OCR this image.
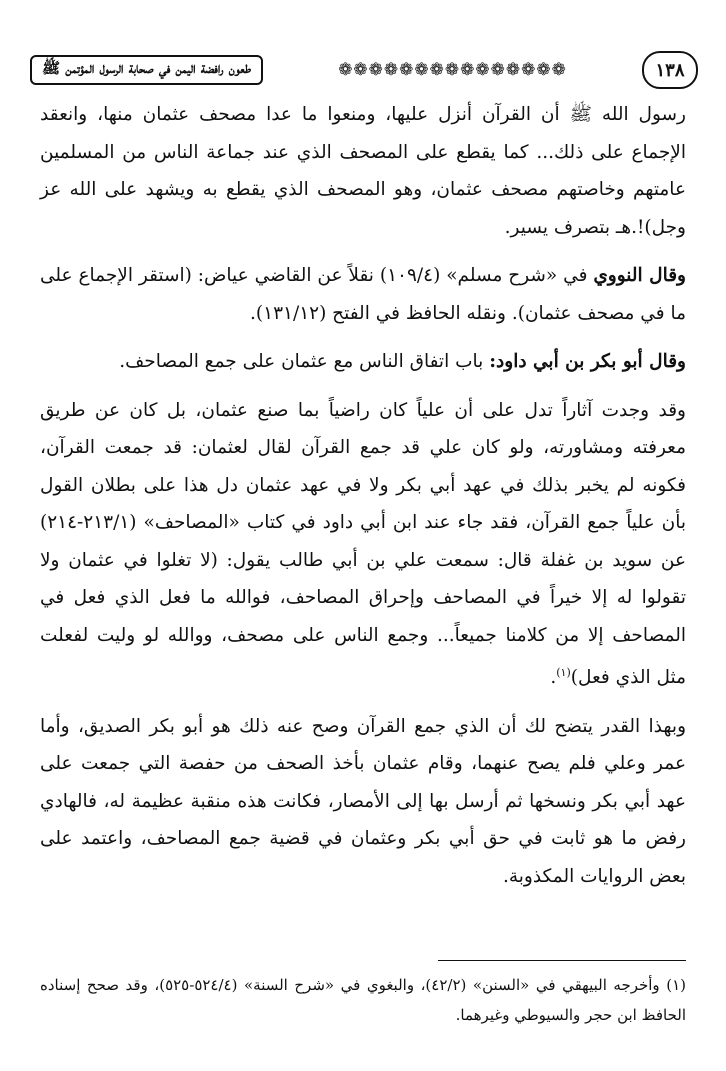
١٣٨
❁❁❁❁❁❁❁❁❁❁❁❁❁❁❁
طعون رافضة اليمن في صحابة الرسول المؤتمن ﷺ

رسول الله ﷺ أن القرآن أنزل عليها، ومنعوا ما عدا مصحف عثمان منها، وانعقد الإجماع على ذلك... كما يقطع على المصحف الذي عند جماعة الناس من المسلمين عامتهم وخاصتهم مصحف عثمان، وهو المصحف الذي يقطع به ويشهد على الله عز وجل)!.هـ بتصرف يسير.

وقال النووي في «شرح مسلم» (١٠٩/٤) نقلاً عن القاضي عياض: (استقر الإجماع على ما في مصحف عثمان). ونقله الحافظ في الفتح (١٣١/١٢).

وقال أبو بكر بن أبي داود: باب اتفاق الناس مع عثمان على جمع المصاحف.

وقد وجدت آثاراً تدل على أن علياً كان راضياً بما صنع عثمان، بل كان عن طريق معرفته ومشاورته، ولو كان علي قد جمع القرآن لقال لعثمان: قد جمعت القرآن، فكونه لم يخبر بذلك في عهد أبي بكر ولا في عهد عثمان دل هذا على بطلان القول بأن علياً جمع القرآن، فقد جاء عند ابن أبي داود في كتاب «المصاحف» (٢١٣/١-٢١٤) عن سويد بن غفلة قال: سمعت علي بن أبي طالب يقول: (لا تغلوا في عثمان ولا تقولوا له إلا خيراً في المصاحف وإحراق المصاحف، فوالله ما فعل الذي فعل في المصاحف إلا من كلامنا جميعاً... وجمع الناس على مصحف، ووالله لو وليت لفعلت مثل الذي فعل)$^{(١)}$.

وبهذا القدر يتضح لك أن الذي جمع القرآن وصح عنه ذلك هو أبو بكر الصديق، وأما عمر وعلي فلم يصح عنهما، وقام عثمان بأخذ الصحف من حفصة التي جمعت على عهد أبي بكر ونسخها ثم أرسل بها إلى الأمصار، فكانت هذه منقبة عظيمة له، فالهادي رفض ما هو ثابت في حق أبي بكر وعثمان في قضية جمع المصاحف، واعتمد على بعض الروايات المكذوبة.

(١) وأخرجه البيهقي في «السنن» (٤٢/٢)، والبغوي في «شرح السنة» (٥٢٤/٤-٥٢٥)، وقد صحح إسناده الحافظ ابن حجر والسيوطي وغيرهما.
